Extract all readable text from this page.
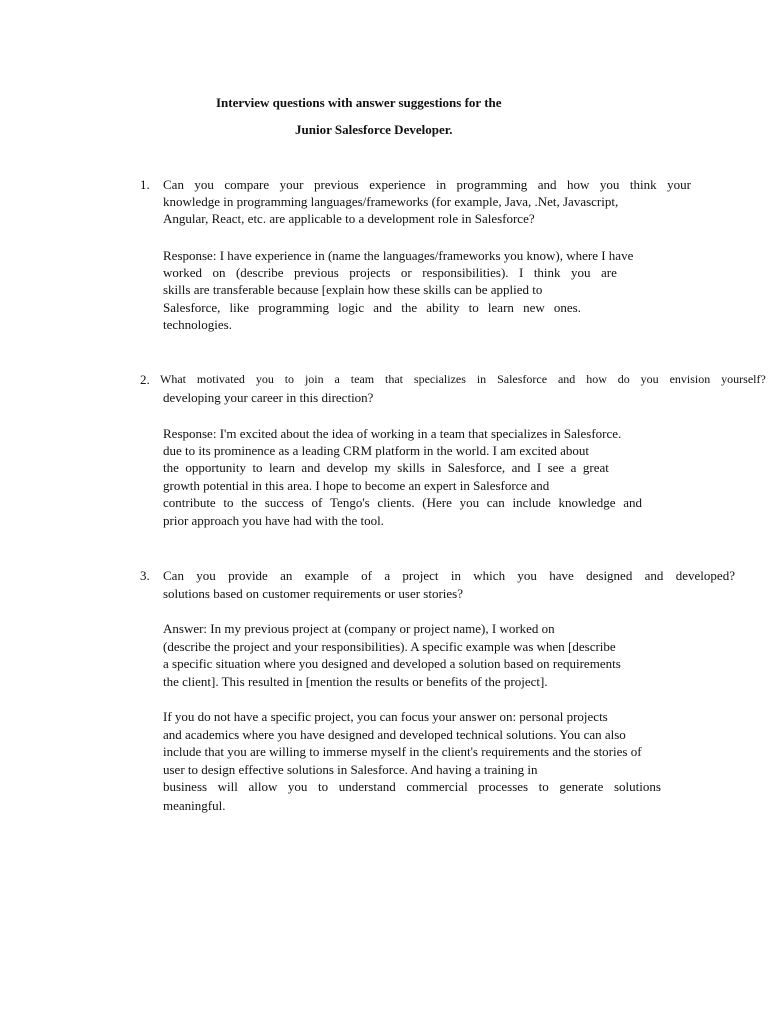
Interview questions with answer suggestions for the
Junior Salesforce Developer.
1. Can you compare your previous experience in programming and how you think your
knowledge in programming languages/frameworks (for example, Java, .Net, Javascript,
Angular, React, etc. are applicable to a development role in Salesforce?
Response: I have experience in (name the languages/frameworks you know), where I have
worked on (describe previous projects or responsibilities). I think you are
skills are transferable because [explain how these skills can be applied to
Salesforce, like programming logic and the ability to learn new ones.
technologies.
2. What motivated you to join a team that specializes in Salesforce and how do you envision yourself?
developing your career in this direction?
Response: I'm excited about the idea of working in a team that specializes in Salesforce.
due to its prominence as a leading CRM platform in the world. I am excited about
the opportunity to learn and develop my skills in Salesforce, and I see a great
growth potential in this area. I hope to become an expert in Salesforce and
contribute to the success of Tengo's clients. (Here you can include knowledge and
prior approach you have had with the tool.
3. Can you provide an example of a project in which you have designed and developed?
solutions based on customer requirements or user stories?
Answer: In my previous project at (company or project name), I worked on
(describe the project and your responsibilities). A specific example was when [describe
a specific situation where you designed and developed a solution based on requirements
the client]. This resulted in [mention the results or benefits of the project].
If you do not have a specific project, you can focus your answer on: personal projects
and academics where you have designed and developed technical solutions. You can also
include that you are willing to immerse myself in the client's requirements and the stories of
user to design effective solutions in Salesforce. And having a training in
business will allow you to understand commercial processes to generate solutions
meaningful.
